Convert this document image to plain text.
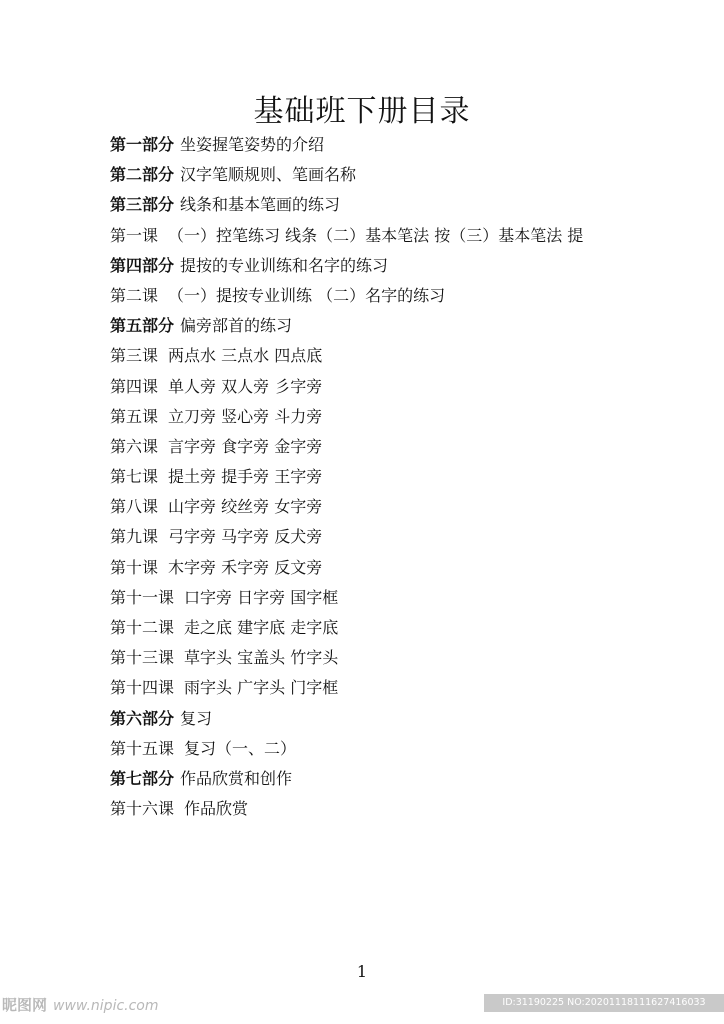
基础班下册目录
第一部分 坐姿握笔姿势的介绍
第二部分 汉字笔顺规则、笔画名称
第三部分 线条和基本笔画的练习
第一课 （一）控笔练习 线条（二）基本笔法 按（三）基本笔法 提
第四部分 提按的专业训练和名字的练习
第二课 （一）提按专业训练 （二）名字的练习
第五部分 偏旁部首的练习
第三课 两点水 三点水 四点底
第四课 单人旁 双人旁 彡字旁
第五课 立刀旁 竖心旁 斗力旁
第六课 言字旁 食字旁 金字旁
第七课 提土旁 提手旁 王字旁
第八课 山字旁 绞丝旁 女字旁
第九课 弓字旁 马字旁 反犬旁
第十课 木字旁 禾字旁 反文旁
第十一课 口字旁 日字旁 国字框
第十二课 走之底 建字底 走字底
第十三课 草字头 宝盖头 竹字头
第十四课 雨字头 广字头 门字框
第六部分 复习
第十五课 复习（一、二）
第七部分 作品欣赏和创作
第十六课 作品欣赏
1
昵图网 www.nipic.com	ID:31190225 NO:20201118111627416033
